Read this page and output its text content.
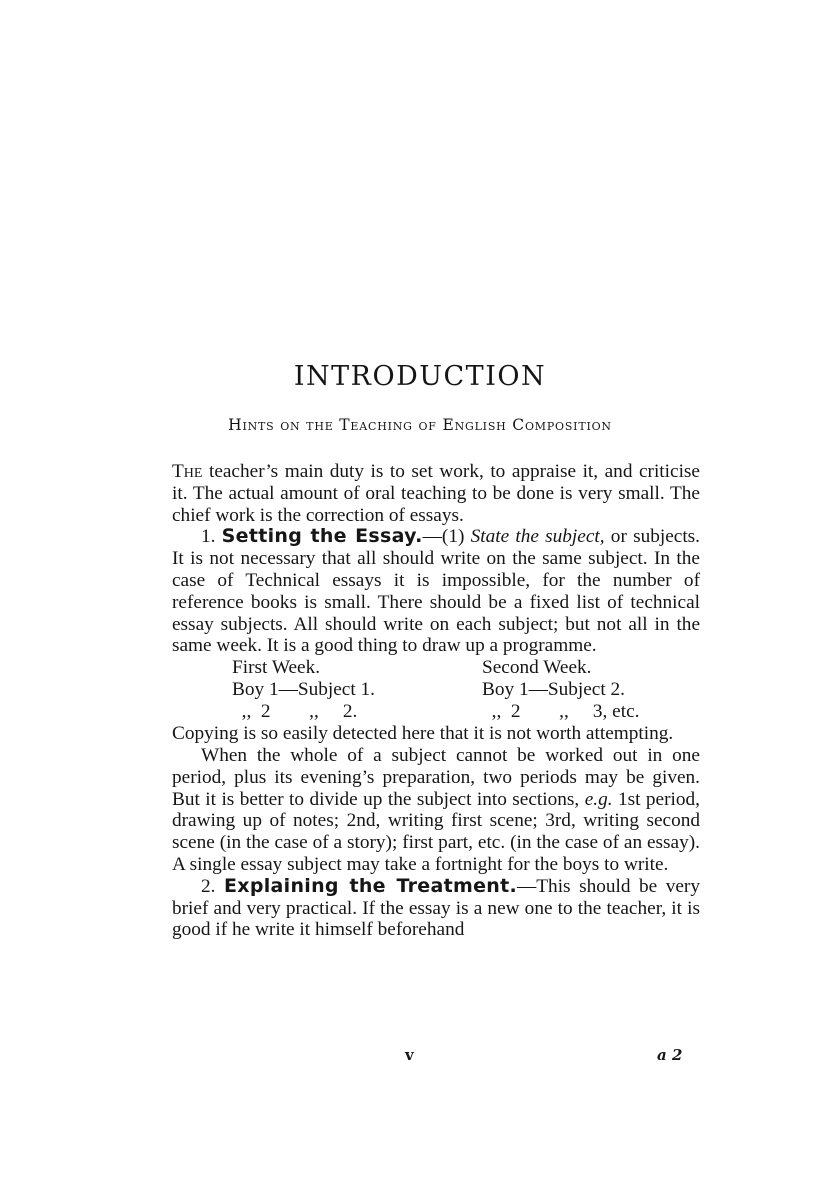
INTRODUCTION
Hints on the Teaching of English Composition

The teacher’s main duty is to set work, to appraise it, and criticise it. The actual amount of oral teaching to be done is very small. The chief work is the correction of essays.

1. Setting the Essay.—(1) State the subject, or subjects. It is not necessary that all should write on the same subject. In the case of Technical essays it is impossible, for the number of reference books is small. There should be a fixed list of technical essay subjects. All should write on each subject; but not all in the same week. It is a good thing to draw up a programme.

First Week.
Boy 1—Subject 1.
,,  2        ,,     2.
Second Week.
Boy 1—Subject 2.
,,  2        ,,     3, etc.

Copying is so easily detected here that it is not worth attempting.

When the whole of a subject cannot be worked out in one period, plus its evening’s preparation, two periods may be given. But it is better to divide up the subject into sections, e.g. 1st period, drawing up of notes; 2nd, writing first scene; 3rd, writing second scene (in the case of a story); first part, etc. (in the case of an essay). A single essay subject may take a fortnight for the boys to write.

2. Explaining the Treatment.—This should be very brief and very practical. If the essay is a new one to the teacher, it is good if he write it himself beforehand

v	a 2
